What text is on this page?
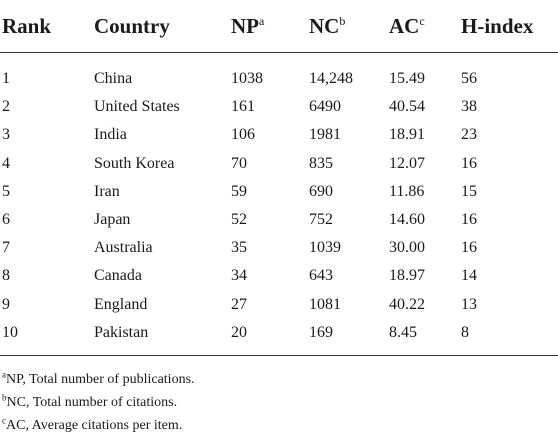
Rank	Country	$NP^a$	$NC^b$	$AC^c$	H-index
1	China	1038	14,248	15.49	56
2	United States	161	6490	40.54	38
3	India	106	1981	18.91	23
4	South Korea	70	835	12.07	16
5	Iran	59	690	11.86	15
6	Japan	52	752	14.60	16
7	Australia	35	1039	30.00	16
8	Canada	34	643	18.97	14
9	England	27	1081	40.22	13
10	Pakistan	20	169	8.45	8
$^a$NP, Total number of publications.
$^b$NC, Total number of citations.
$^c$AC, Average citations per item.
